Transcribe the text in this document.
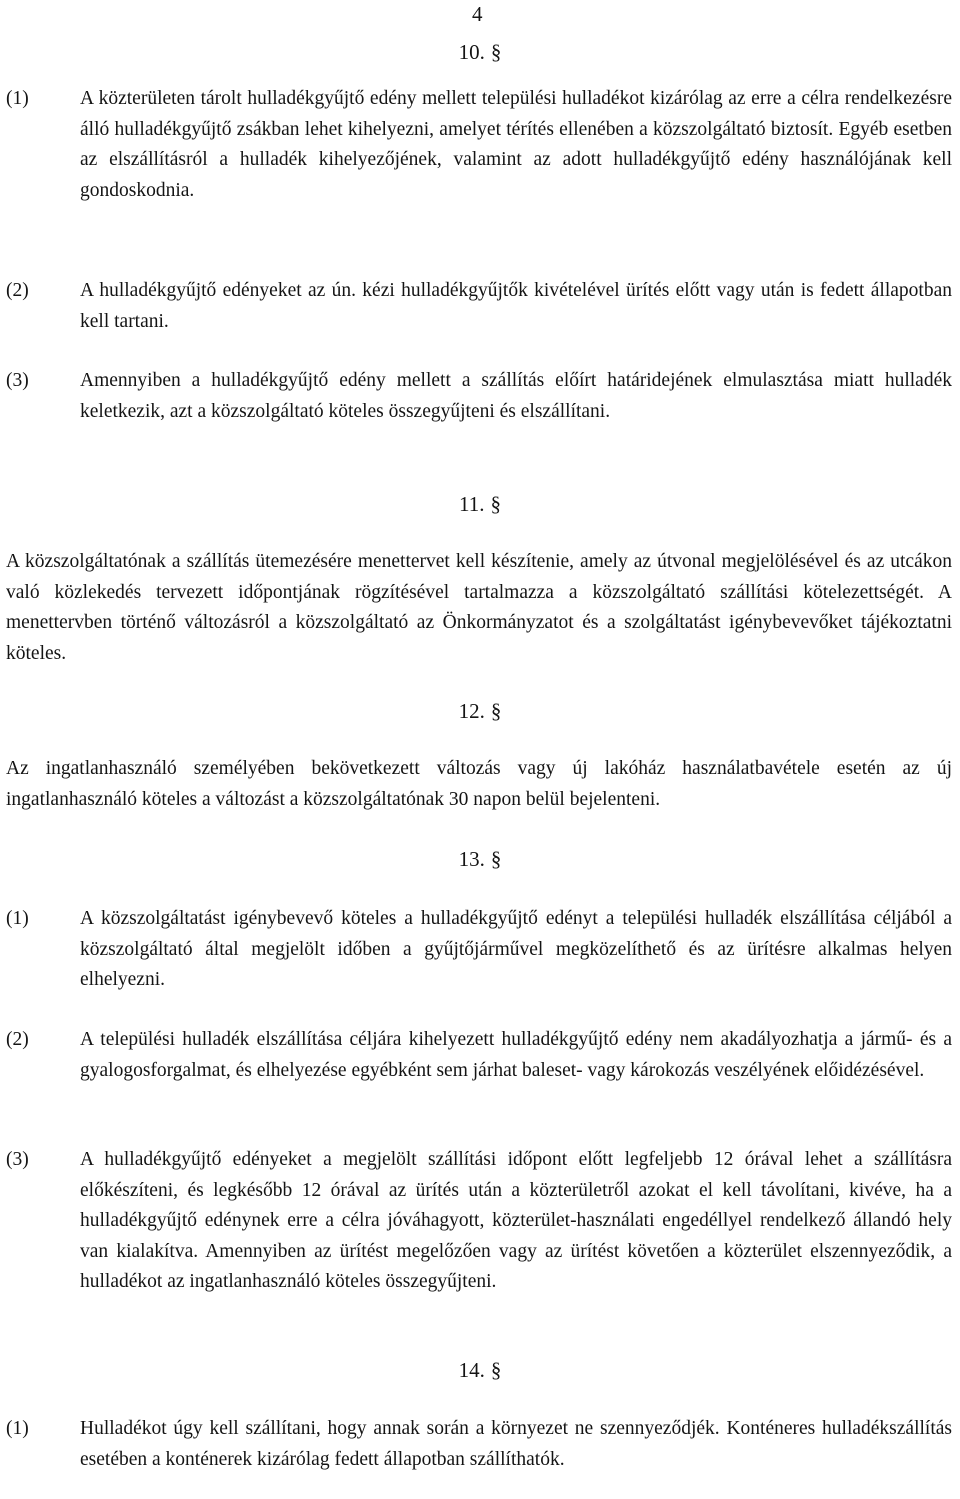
4
10. §
(1)	A közterületen tárolt hulladékgyűjtő edény mellett települési hulladékot kizárólag az erre a célra rendelkezésre álló hulladékgyűjtő zsákban lehet kihelyezni, amelyet térítés ellenében a közszolgáltató biztosít. Egyéb esetben az elszállításról a hulladék kihelyezőjének, valamint az adott hulladékgyűjtő edény használójának kell gondoskodnia.
(2)	A hulladékgyűjtő edényeket az ún. kézi hulladékgyűjtők kivételével ürítés előtt vagy után is fedett állapotban kell tartani.
(3)	Amennyiben a hulladékgyűjtő edény mellett a szállítás előírt határidejének elmulasztása miatt hulladék keletkezik, azt a közszolgáltató köteles összegyűjteni és elszállítani.
11. §
A közszolgáltatónak a szállítás ütemezésére menettervet kell készítenie, amely az útvonal megjelölésével és az utcákon való közlekedés tervezett időpontjának rögzítésével tartalmazza a közszolgáltató szállítási kötelezettségét. A menettervben történő változásról a közszolgáltató az Önkormányzatot és a szolgáltatást igénybevevőket tájékoztatni köteles.
12. §
Az ingatlanhasználó személyében bekövetkezett változás vagy új lakóház használatbavétele esetén az új ingatlanhasználó köteles a változást a közszolgáltatónak 30 napon belül bejelenteni.
13. §
(1)	A közszolgáltatást igénybevevő köteles a hulladékgyűjtő edényt a települési hulladék elszállítása céljából a közszolgáltató által megjelölt időben a gyűjtőjárművel megközelíthető és az ürítésre alkalmas helyen elhelyezni.
(2)	A települési hulladék elszállítása céljára kihelyezett hulladékgyűjtő edény nem akadályozhatja a jármű- és a gyalogosforgalmat, és elhelyezése egyébként sem járhat baleset- vagy károkozás veszélyének előidézésével.
(3)	A hulladékgyűjtő edényeket a megjelölt szállítási időpont előtt legfeljebb 12 órával lehet a szállításra előkészíteni, és legkésőbb 12 órával az ürítés után a közterületről azokat el kell távolítani, kivéve, ha a hulladékgyűjtő edénynek erre a célra jóváhagyott, közterület-használati engedéllyel rendelkező állandó hely van kialakítva. Amennyiben az ürítést megelőzően vagy az ürítést követően a közterület elszennyeződik, a hulladékot az ingatlanhasználó köteles összegyűjteni.
14. §
(1)	Hulladékot úgy kell szállítani, hogy annak során a környezet ne szennyeződjék. Konténeres hulladékszállítás esetében a konténerek kizárólag fedett állapotban szállíthatók.
